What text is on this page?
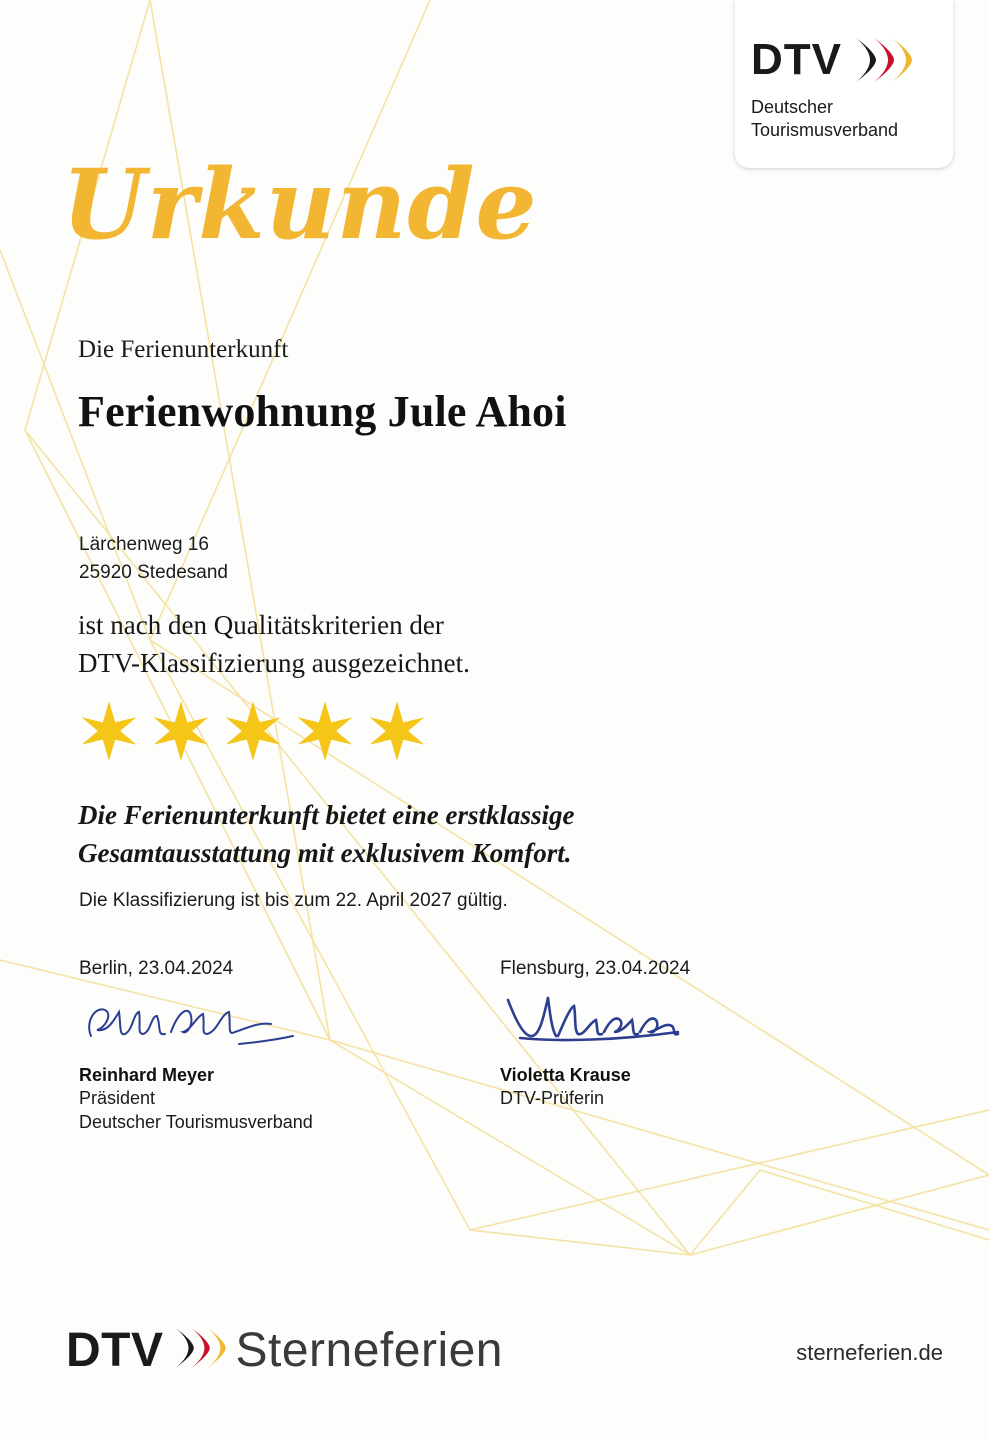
DTV
Deutscher
Tourismusverband
Urkunde
Die Ferienunterkunft
Ferienwohnung Jule Ahoi
Lärchenweg 16
25920 Stedesand
ist nach den Qualitätskriterien der
DTV-Klassifizierung ausgezeichnet.
Die Ferienunterkunft bietet eine erstklassige
Gesamtausstattung mit exklusivem Komfort.
Die Klassifizierung ist bis zum 22. April 2027 gültig.
Berlin, 23.04.2024
Reinhard Meyer
Präsident
Deutscher Tourismusverband
Flensburg, 23.04.2024
Violetta Krause
DTV-Prüferin
DTV Sterneferien	sterneferien.de
